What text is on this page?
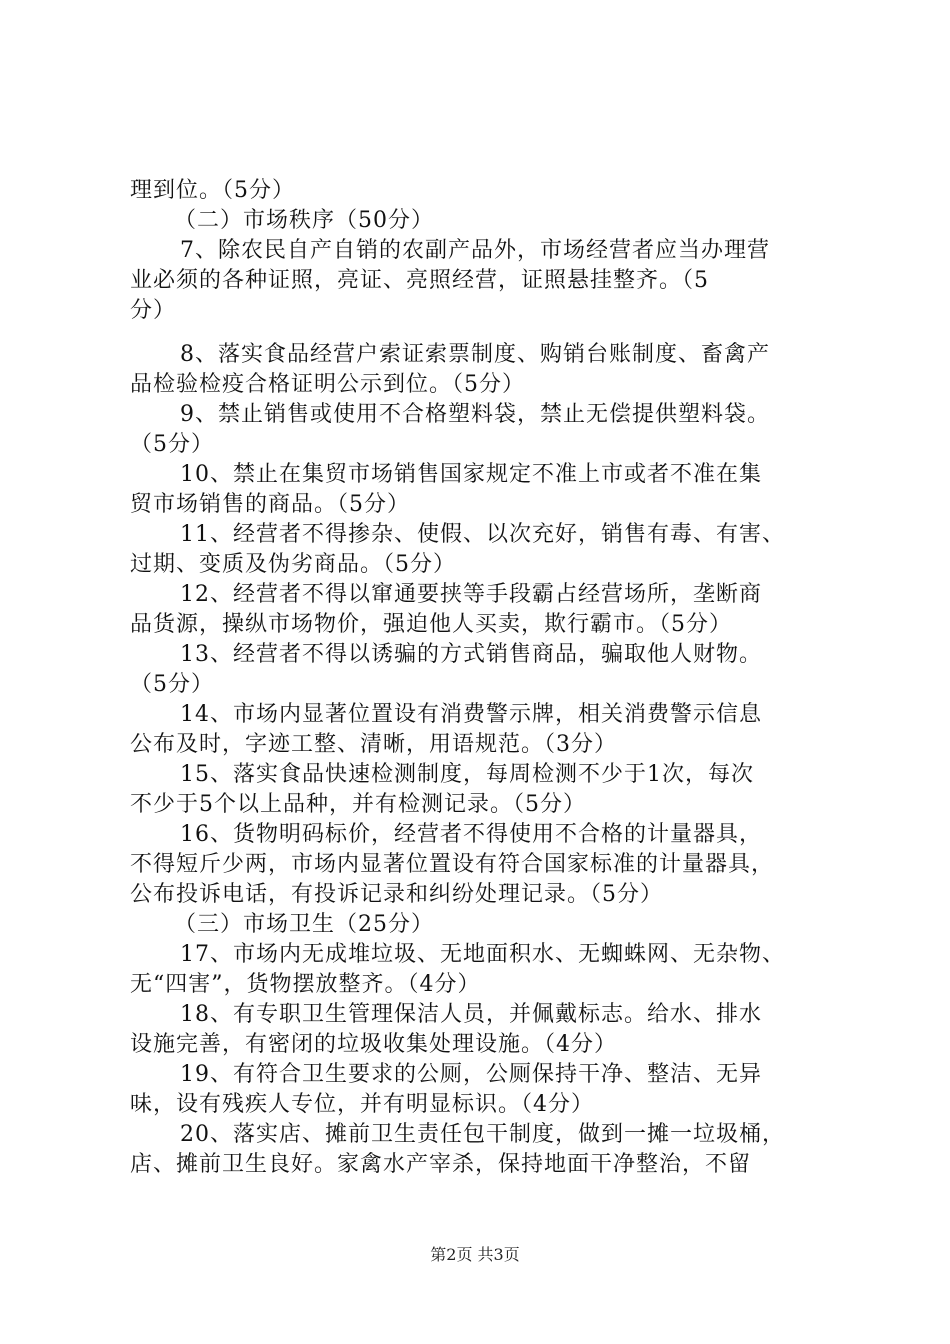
理到位。（5分）
（二）市场秩序（50分）
7、除农民自产自销的农副产品外，市场经营者应当办理营
业必须的各种证照，亮证、亮照经营，证照悬挂整齐。（5
分）
8、落实食品经营户索证索票制度、购销台账制度、畜禽产
品检验检疫合格证明公示到位。（5分）
9、禁止销售或使用不合格塑料袋，禁止无偿提供塑料袋。
（5分）
10、禁止在集贸市场销售国家规定不准上市或者不准在集
贸市场销售的商品。（5分）
11、经营者不得掺杂、使假、以次充好，销售有毒、有害、
过期、变质及伪劣商品。（5分）
12、经营者不得以窜通要挟等手段霸占经营场所，垄断商
品货源，操纵市场物价，强迫他人买卖，欺行霸市。（5分）
13、经营者不得以诱骗的方式销售商品，骗取他人财物。
（5分）
14、市场内显著位置设有消费警示牌，相关消费警示信息
公布及时，字迹工整、清晰，用语规范。（3分）
15、落实食品快速检测制度，每周检测不少于1次，每次
不少于5个以上品种，并有检测记录。（5分）
16、货物明码标价，经营者不得使用不合格的计量器具，
不得短斤少两，市场内显著位置设有符合国家标准的计量器具，
公布投诉电话，有投诉记录和纠纷处理记录。（5分）
（三）市场卫生（25分）
17、市场内无成堆垃圾、无地面积水、无蜘蛛网、无杂物、
无“四害”，货物摆放整齐。（4分）
18、有专职卫生管理保洁人员，并佩戴标志。给水、排水
设施完善，有密闭的垃圾收集处理设施。（4分）
19、有符合卫生要求的公厕，公厕保持干净、整洁、无异
味，设有残疾人专位，并有明显标识。（4分）
20、落实店、摊前卫生责任包干制度，做到一摊一垃圾桶，
店、摊前卫生良好。家禽水产宰杀，保持地面干净整治，不留
第2页 共3页
